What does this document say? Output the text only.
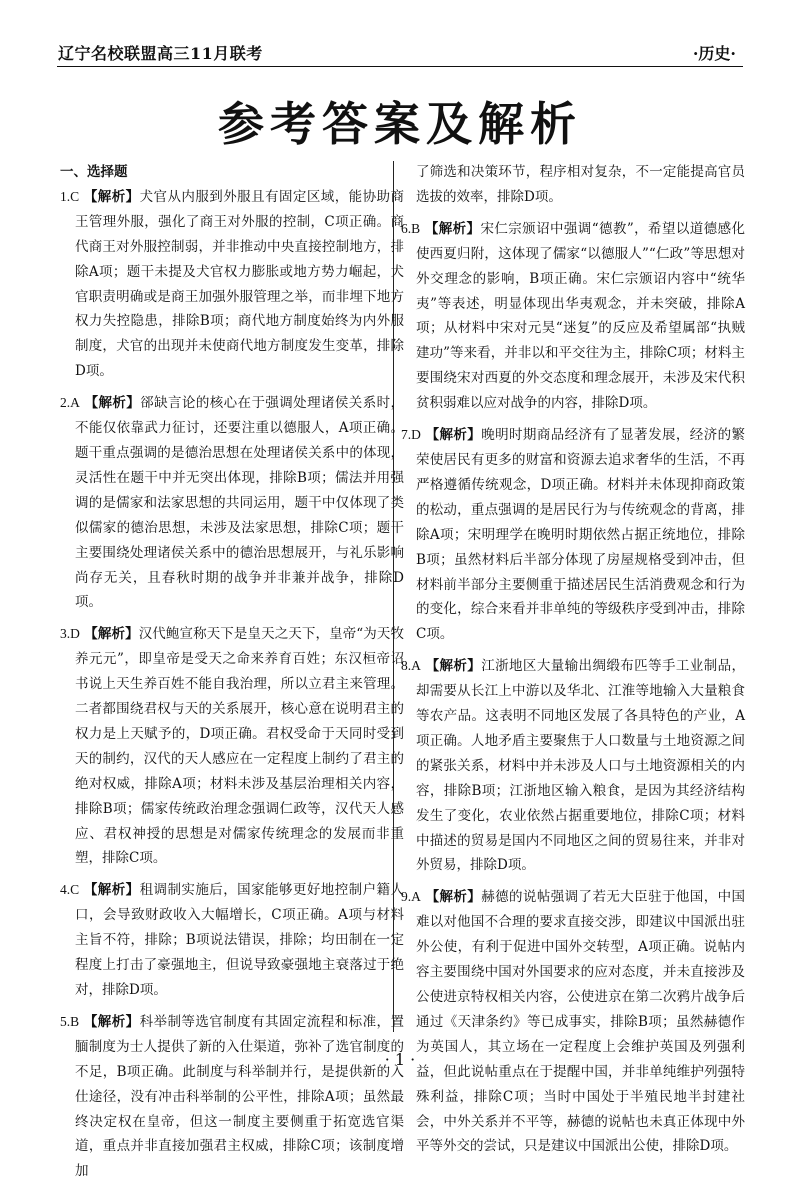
辽宁名校联盟高三11月联考	·历史·
参考答案及解析

一、选择题

1.C 【解析】犬官从内服到外服且有固定区域，能协助商王管理外服，强化了商王对外服的控制，C项正确。商代商王对外服控制弱，并非推动中央直接控制地方，排除A项；题干未提及犬官权力膨胀或地方势力崛起，犬官职责明确或是商王加强外服管理之举，而非埋下地方权力失控隐患，排除B项；商代地方制度始终为内外服制度，犬官的出现并未使商代地方制度发生变革，排除D项。

2.A 【解析】郤缺言论的核心在于强调处理诸侯关系时，不能仅依靠武力征讨，还要注重以德服人，A项正确。题干重点强调的是德治思想在处理诸侯关系中的体现，灵活性在题干中并无突出体现，排除B项；儒法并用强调的是儒家和法家思想的共同运用，题干中仅体现了类似儒家的德治思想，未涉及法家思想，排除C项；题干主要围绕处理诸侯关系中的德治思想展开，与礼乐影响尚存无关，且春秋时期的战争并非兼并战争，排除D项。

3.D 【解析】汉代鲍宣称天下是皇天之天下，皇帝“为天牧养元元”，即皇帝是受天之命来养育百姓；东汉桓帝诏书说上天生养百姓不能自我治理，所以立君主来管理。二者都围绕君权与天的关系展开，核心意在说明君主的权力是上天赋予的，D项正确。君权受命于天同时受到天的制约，汉代的天人感应在一定程度上制约了君主的绝对权威，排除A项；材料未涉及基层治理相关内容，排除B项；儒家传统政治理念强调仁政等，汉代天人感应、君权神授的思想是对儒家传统理念的发展而非重塑，排除C项。

4.C 【解析】租调制实施后，国家能够更好地控制户籍人口，会导致财政收入大幅增长，C项正确。A项与材料主旨不符，排除；B项说法错误，排除；均田制在一定程度上打击了豪强地主，但说导致豪强地主衰落过于绝对，排除D项。

5.B 【解析】科举制等选官制度有其固定流程和标准，置腼制度为士人提供了新的入仕渠道，弥补了选官制度的不足，B项正确。此制度与科举制并行，是提供新的入仕途径，没有冲击科举制的公平性，排除A项；虽然最终决定权在皇帝，但这一制度主要侧重于拓宽选官渠道，重点并非直接加强君主权威，排除C项；该制度增加

了筛选和决策环节，程序相对复杂，不一定能提高官员选拔的效率，排除D项。

6.B 【解析】宋仁宗颁诏中强调“德教”，希望以道德感化使西夏归附，这体现了儒家“以德服人”“仁政”等思想对外交理念的影响，B项正确。宋仁宗颁诏内容中“统华夷”等表述，明显体现出华夷观念，并未突破，排除A项；从材料中宋对元昊“迷复”的反应及希望属部“执贼建功”等来看，并非以和平交往为主，排除C项；材料主要围绕宋对西夏的外交态度和理念展开，未涉及宋代积贫积弱难以应对战争的内容，排除D项。

7.D 【解析】晚明时期商品经济有了显著发展，经济的繁荣使居民有更多的财富和资源去追求奢华的生活，不再严格遵循传统观念，D项正确。材料并未体现抑商政策的松动，重点强调的是居民行为与传统观念的背离，排除A项；宋明理学在晚明时期依然占据正统地位，排除B项；虽然材料后半部分体现了房屋规格受到冲击，但材料前半部分主要侧重于描述居民生活消费观念和行为的变化，综合来看并非单纯的等级秩序受到冲击，排除C项。

8.A 【解析】江浙地区大量输出绸缎布匹等手工业制品，却需要从长江上中游以及华北、江淮等地输入大量粮食等农产品。这表明不同地区发展了各具特色的产业，A项正确。人地矛盾主要聚焦于人口数量与土地资源之间的紧张关系，材料中并未涉及人口与土地资源相关的内容，排除B项；江浙地区输入粮食，是因为其经济结构发生了变化，农业依然占据重要地位，排除C项；材料中描述的贸易是国内不同地区之间的贸易往来，并非对外贸易，排除D项。

9.A 【解析】赫德的说帖强调了若无大臣驻于他国，中国难以对他国不合理的要求直接交涉，即建议中国派出驻外公使，有利于促进中国外交转型，A项正确。说帖内容主要围绕中国对外国要求的应对态度，并未直接涉及公使进京特权相关内容，公使进京在第二次鸦片战争后通过《天津条约》等已成事实，排除B项；虽然赫德作为英国人，其立场在一定程度上会维护英国及列强利益，但此说帖重点在于提醒中国，并非单纯维护列强特殊利益，排除C项；当时中国处于半殖民地半封建社会，中外关系并不平等，赫德的说帖也未真正体现中外平等外交的尝试，只是建议中国派出公使，排除D项。

· 1 ·
